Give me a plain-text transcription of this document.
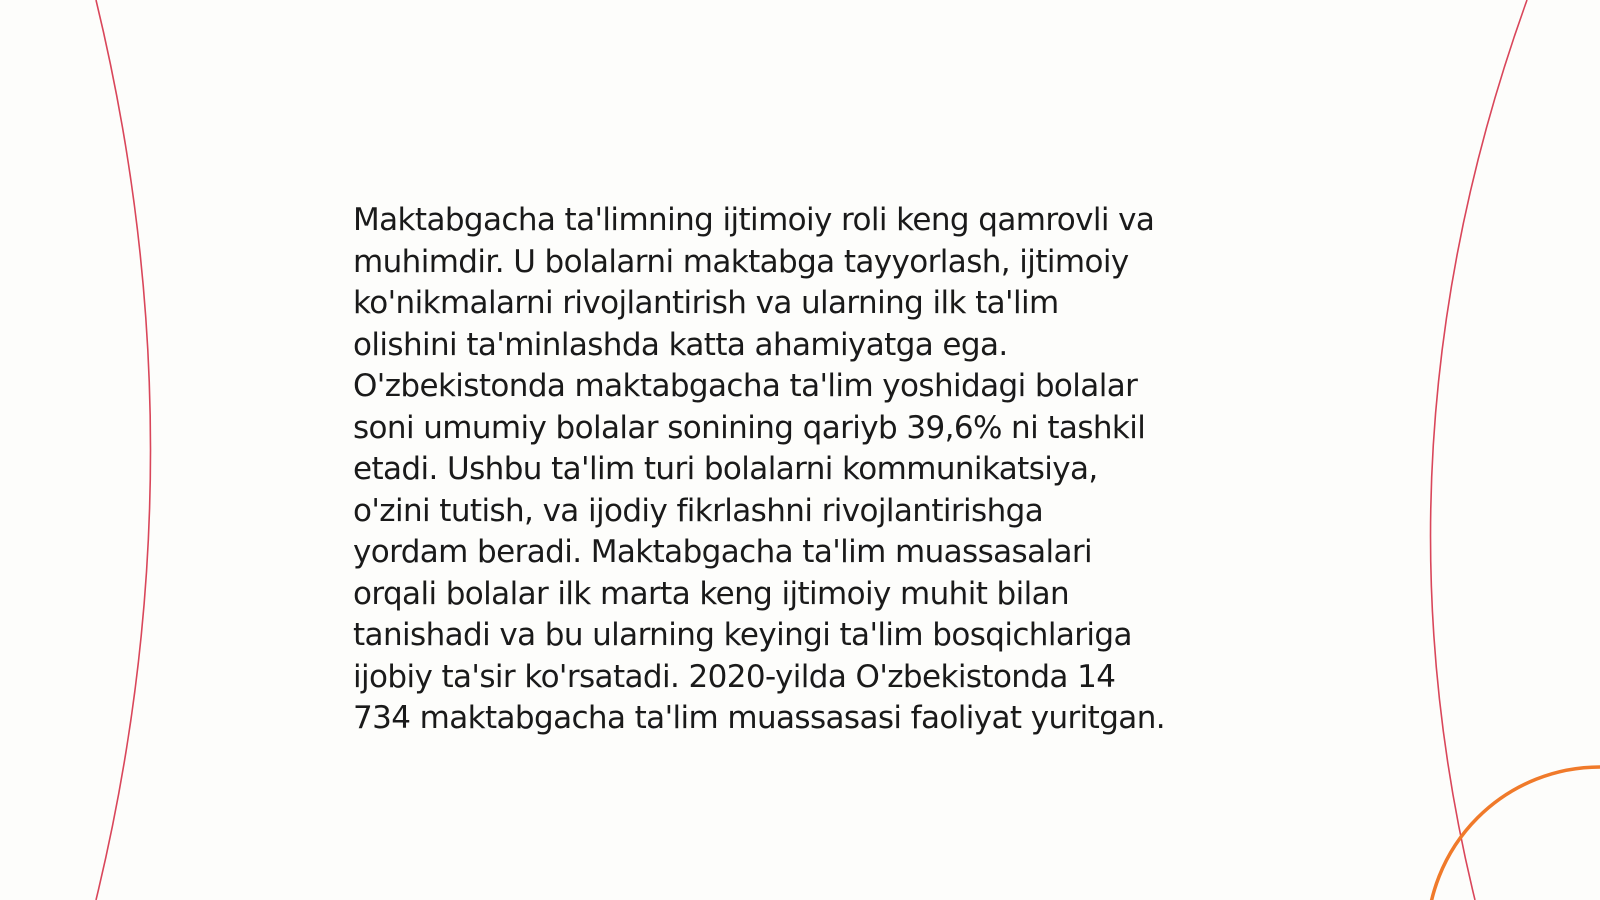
Maktabgacha ta'limning ijtimoiy roli keng qamrovli va
muhimdir. U bolalarni maktabga tayyorlash, ijtimoiy
ko'nikmalarni rivojlantirish va ularning ilk ta'lim
olishini ta'minlashda katta ahamiyatga ega.
O'zbekistonda maktabgacha ta'lim yoshidagi bolalar
soni umumiy bolalar sonining qariyb 39,6% ni tashkil
etadi. Ushbu ta'lim turi bolalarni kommunikatsiya,
o'zini tutish, va ijodiy fikrlashni rivojlantirishga
yordam beradi. Maktabgacha ta'lim muassasalari
orqali bolalar ilk marta keng ijtimoiy muhit bilan
tanishadi va bu ularning keyingi ta'lim bosqichlariga
ijobiy ta'sir ko'rsatadi. 2020-yilda O'zbekistonda 14
734 maktabgacha ta'lim muassasasi faoliyat yuritgan.
